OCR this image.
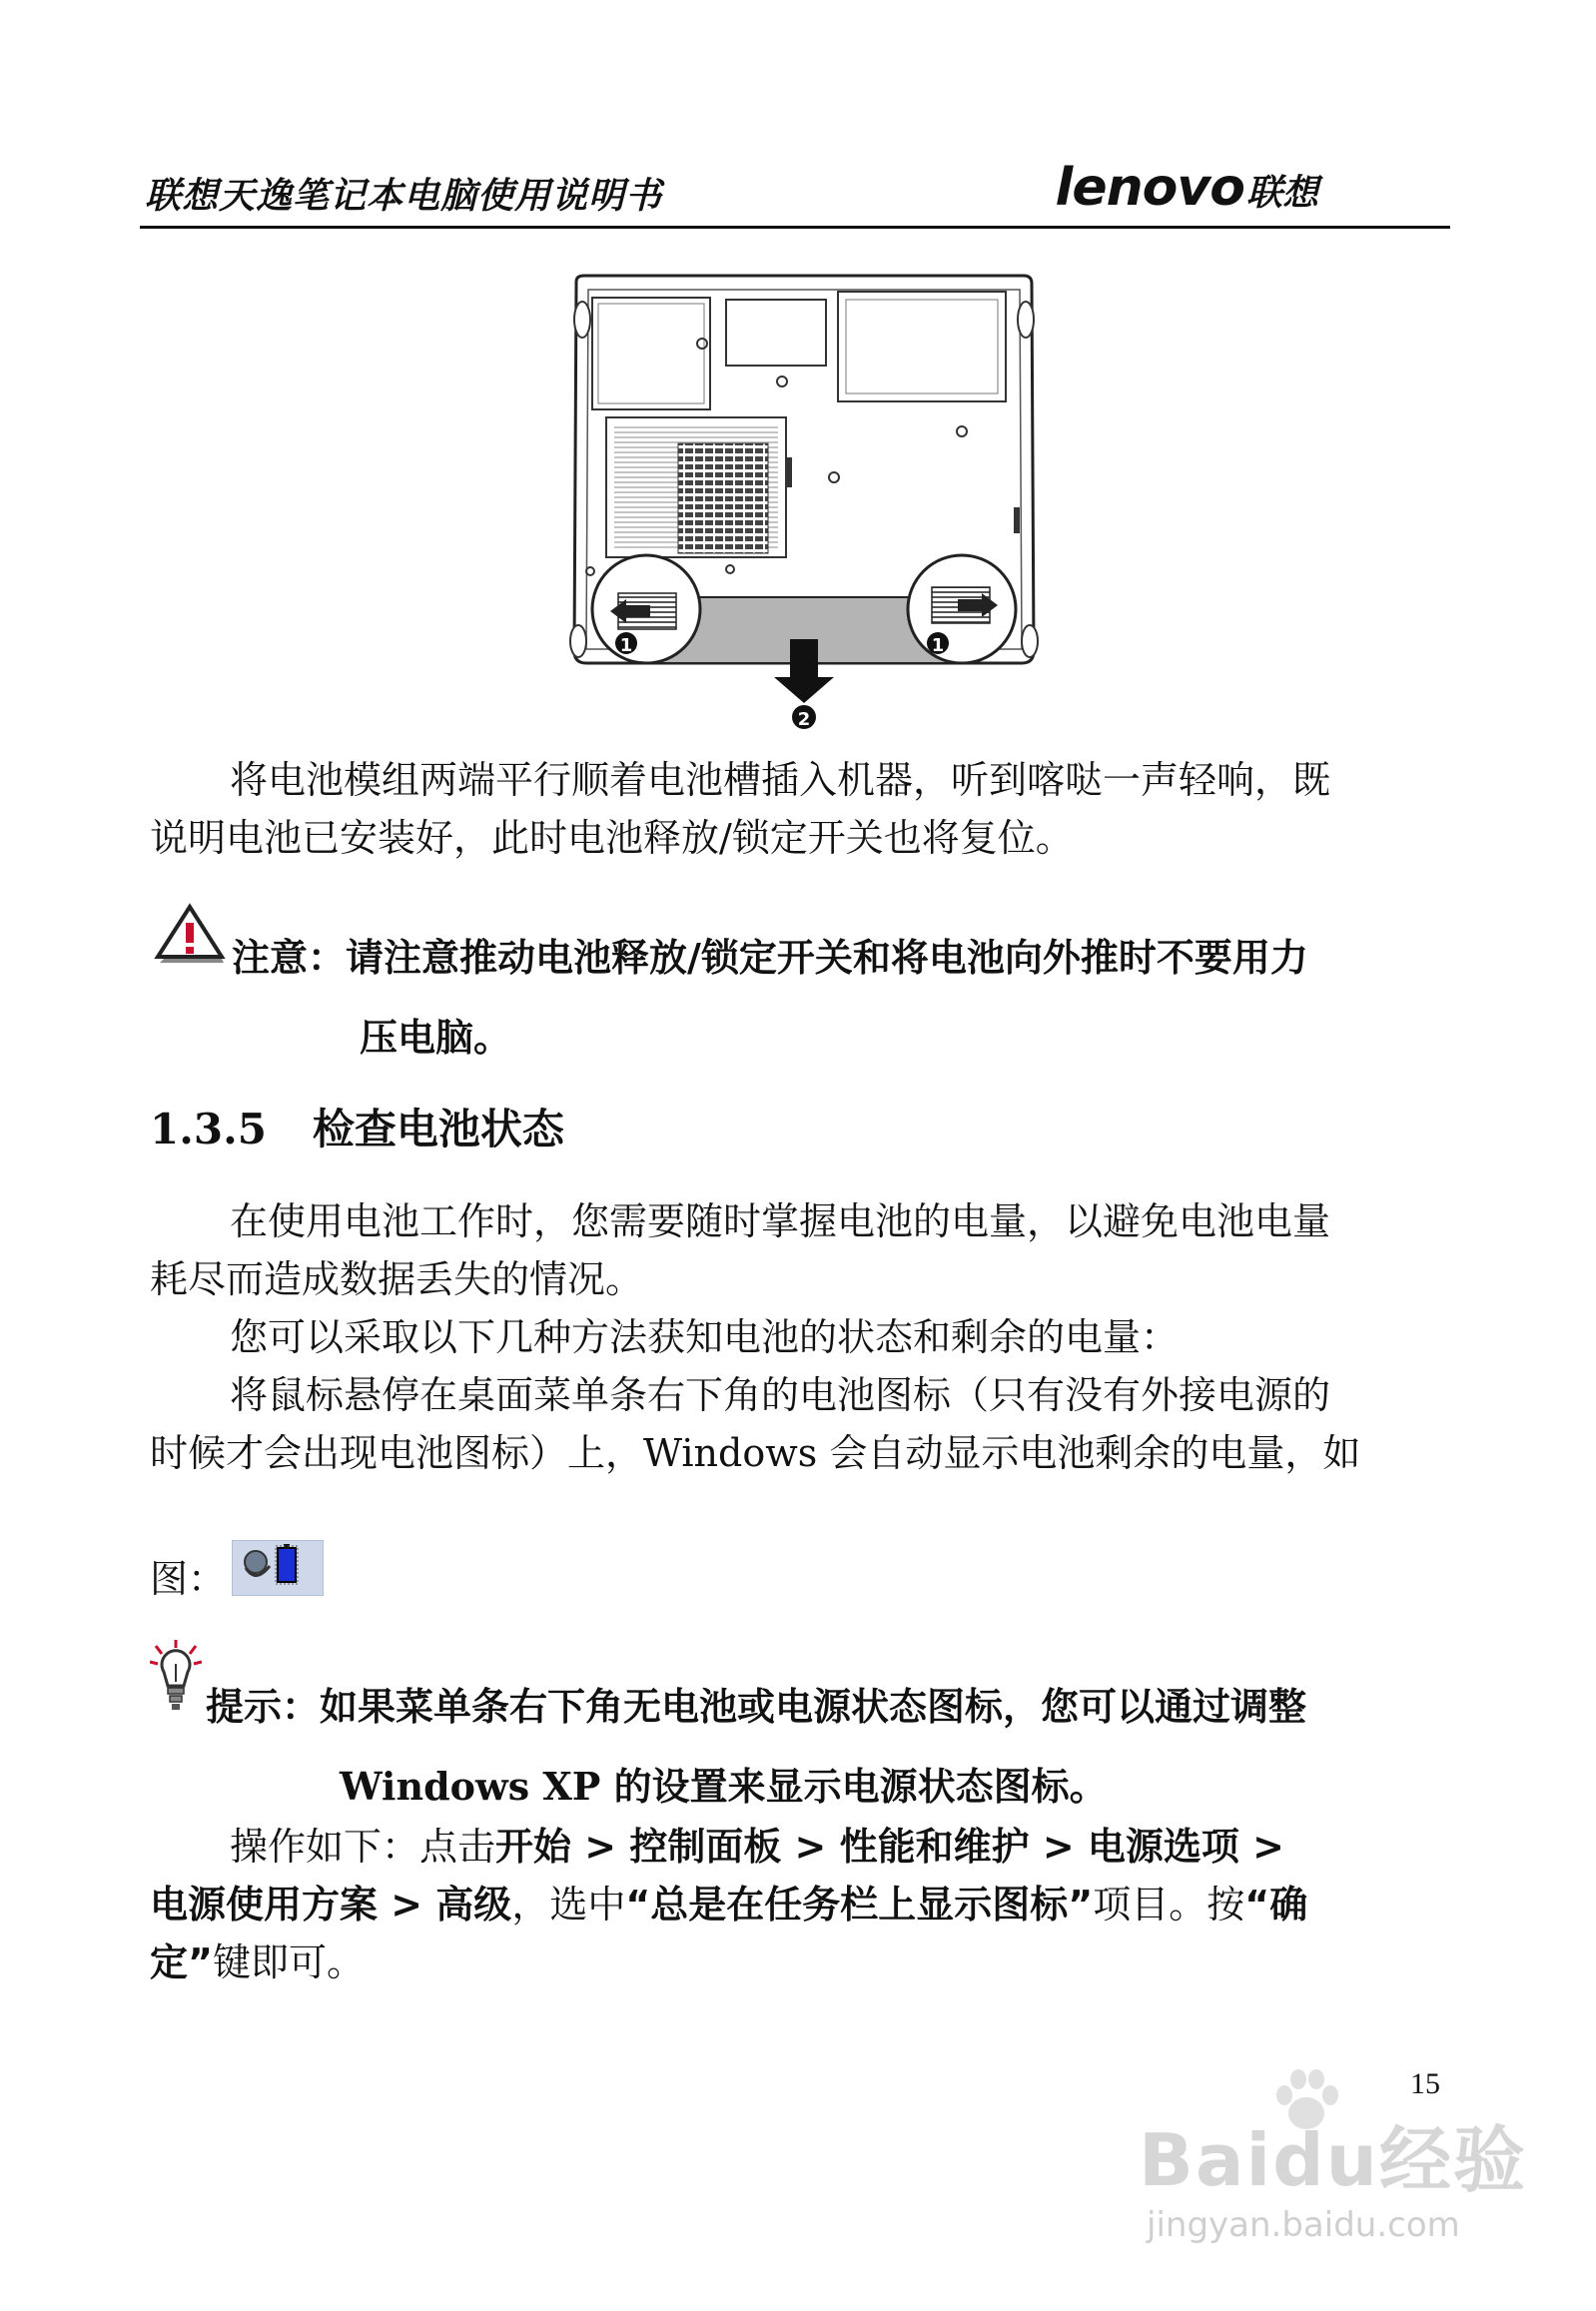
联想天逸笔记本电脑使用说明书	lenovo联想
1	1
2
将电池模组两端平行顺着电池槽插入机器，听到喀哒一声轻响，既
说明电池已安装好，此时电池释放/锁定开关也将复位。
注意：请注意推动电池释放/锁定开关和将电池向外推时不要用力
压电脑。
1.3.5 检查电池状态
在使用电池工作时，您需要随时掌握电池的电量，以避免电池电量
耗尽而造成数据丢失的情况。
您可以采取以下几种方法获知电池的状态和剩余的电量：
将鼠标悬停在桌面菜单条右下角的电池图标（只有没有外接电源的
时候才会出现电池图标）上，Windows 会自动显示电池剩余的电量，如
图：
提示：如果菜单条右下角无电池或电源状态图标，您可以通过调整
Windows XP 的设置来显示电源状态图标。
操作如下：点击开始 > 控制面板 > 性能和维护 > 电源选项 >
电源使用方案 > 高级，选中“总是在任务栏上显示图标”项目。按“确
定”键即可。
15
Baidu经验
jingyan.baidu.com
